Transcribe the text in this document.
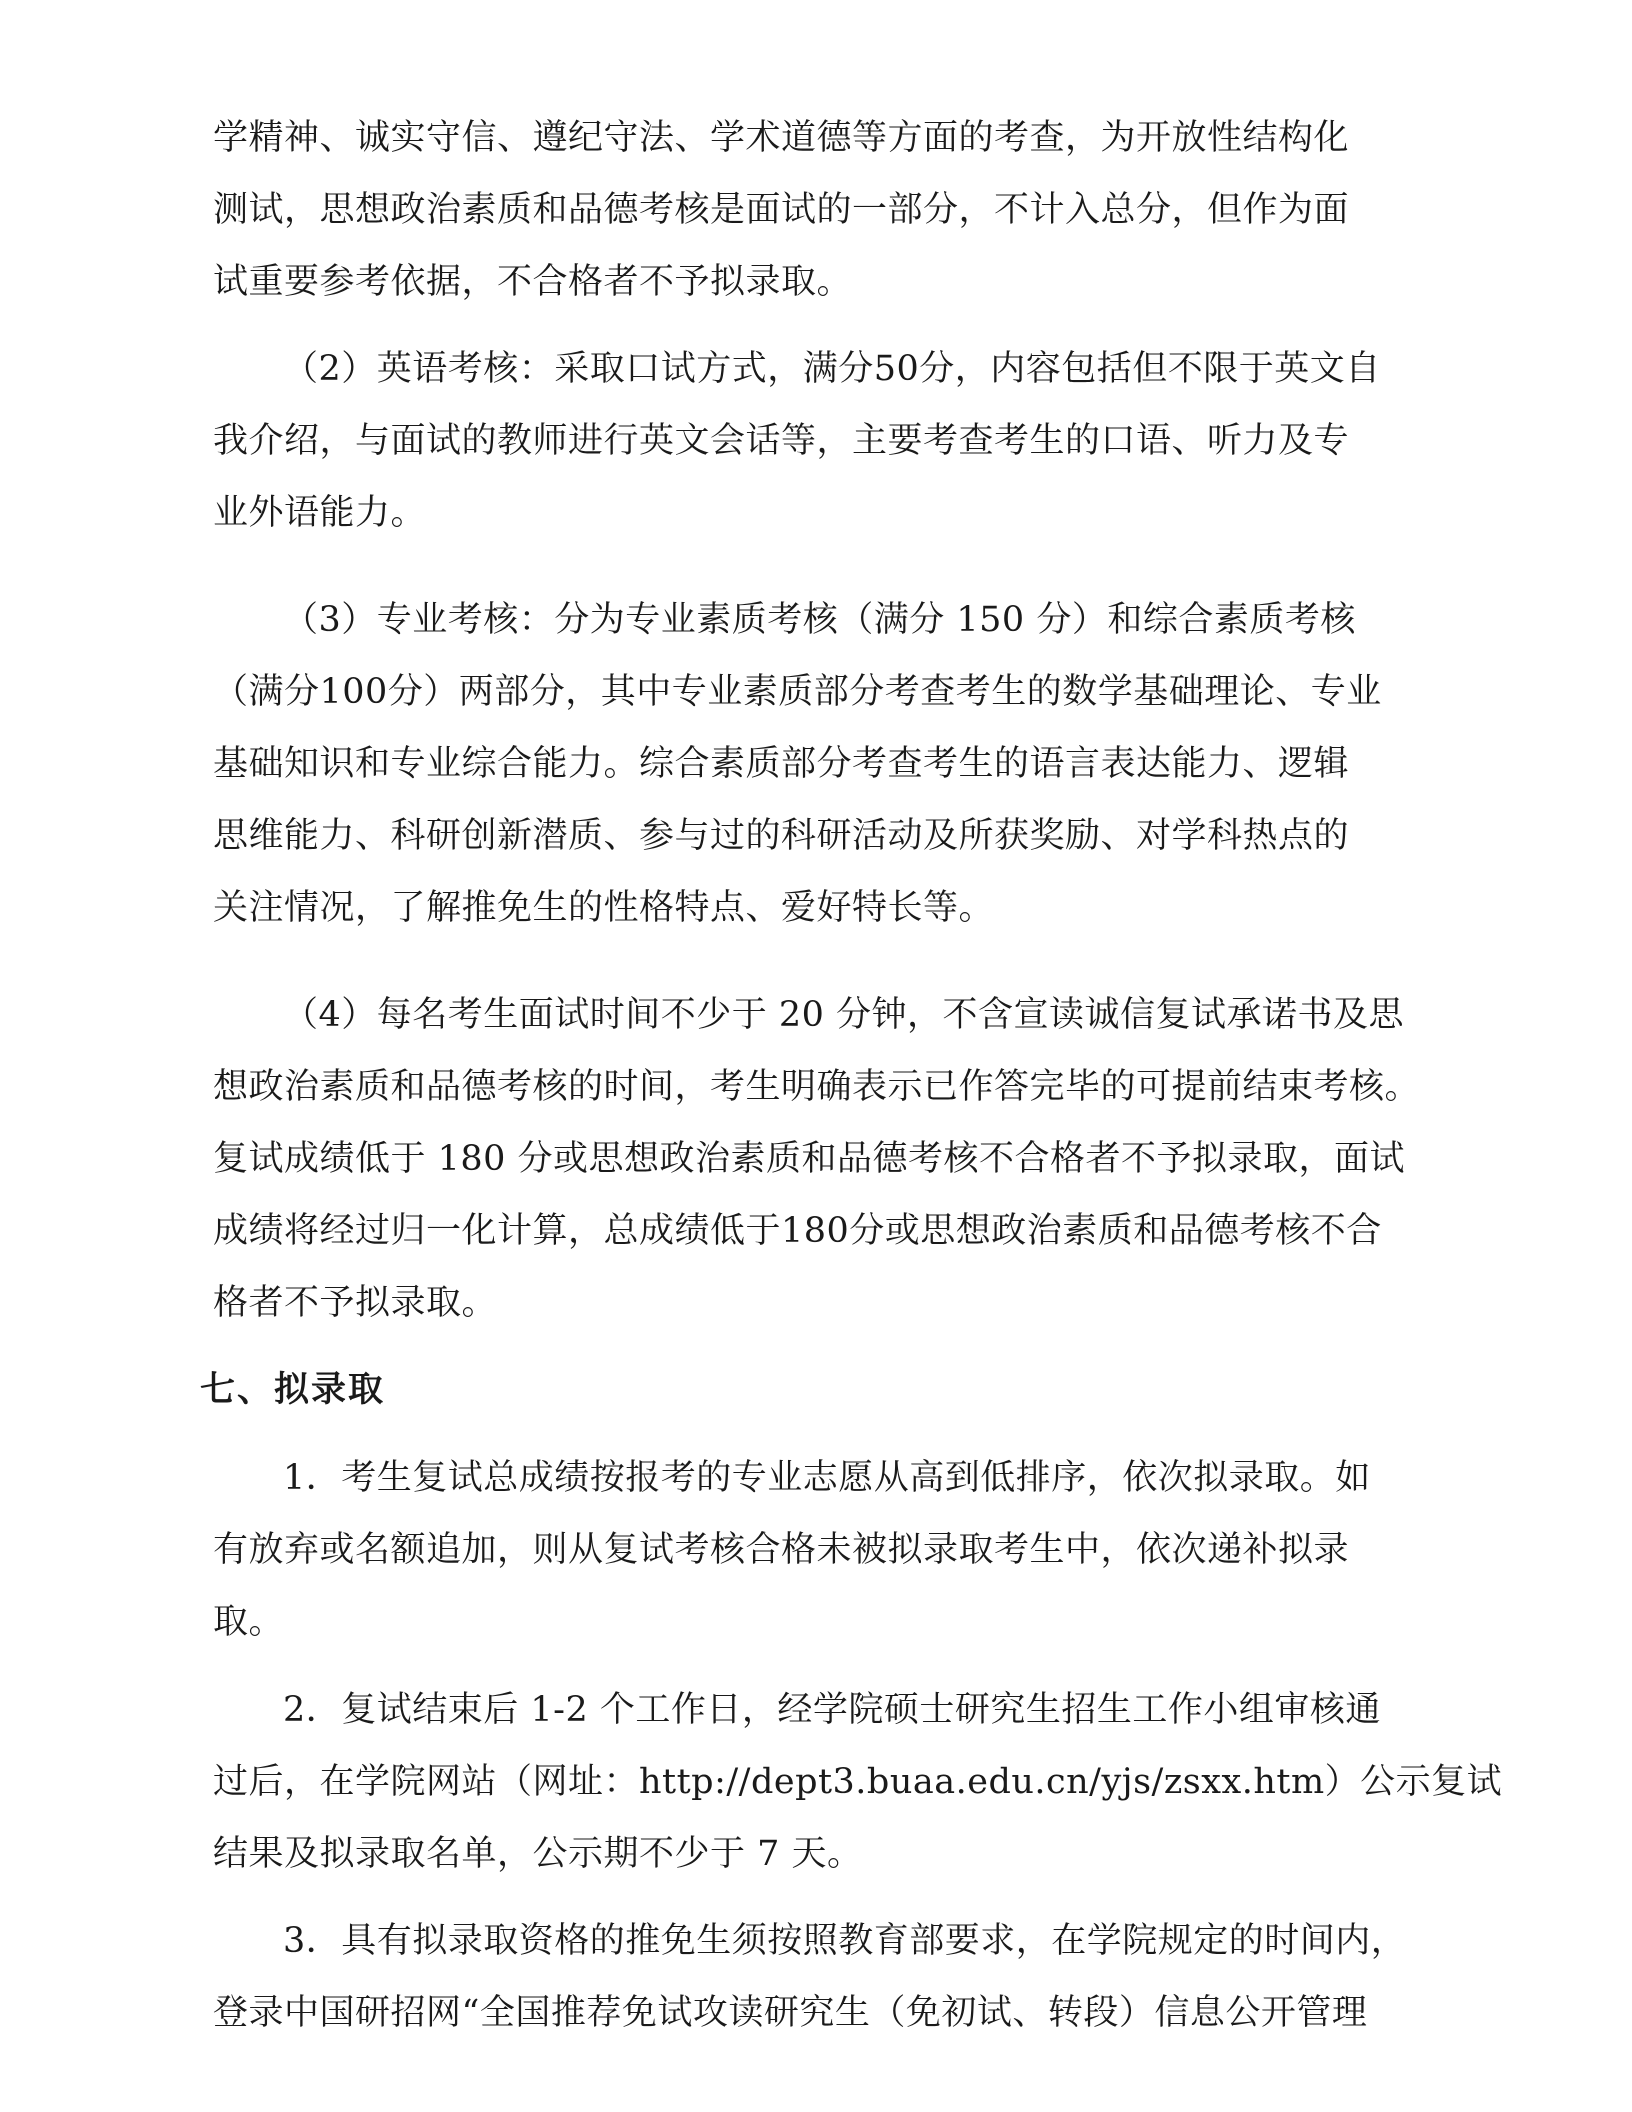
学精神、诚实守信、遵纪守法、学术道德等方面的考查，为开放性结构化
测试，思想政治素质和品德考核是面试的一部分，不计入总分，但作为面
试重要参考依据，不合格者不予拟录取。
（2）英语考核：采取口试方式，满分50分，内容包括但不限于英文自
我介绍，与面试的教师进行英文会话等，主要考查考生的口语、听力及专
业外语能力。
（3）专业考核：分为专业素质考核（满分 150 分）和综合素质考核
（满分100分）两部分，其中专业素质部分考查考生的数学基础理论、专业
基础知识和专业综合能力。综合素质部分考查考生的语言表达能力、逻辑
思维能力、科研创新潜质、参与过的科研活动及所获奖励、对学科热点的
关注情况，了解推免生的性格特点、爱好特长等。
（4）每名考生面试时间不少于 20 分钟，不含宣读诚信复试承诺书及思
想政治素质和品德考核的时间，考生明确表示已作答完毕的可提前结束考核。
复试成绩低于 180 分或思想政治素质和品德考核不合格者不予拟录取，面试
成绩将经过归一化计算，总成绩低于180分或思想政治素质和品德考核不合
格者不予拟录取。
七、拟录取
1．考生复试总成绩按报考的专业志愿从高到低排序，依次拟录取。如
有放弃或名额追加，则从复试考核合格未被拟录取考生中，依次递补拟录
取。
2．复试结束后 1-2 个工作日，经学院硕士研究生招生工作小组审核通
过后，在学院网站（网址：http://dept3.buaa.edu.cn/yjs/zsxx.htm）公示复试
结果及拟录取名单，公示期不少于 7 天。
3．具有拟录取资格的推免生须按照教育部要求，在学院规定的时间内，
登录中国研招网“全国推荐免试攻读研究生（免初试、转段）信息公开管理
